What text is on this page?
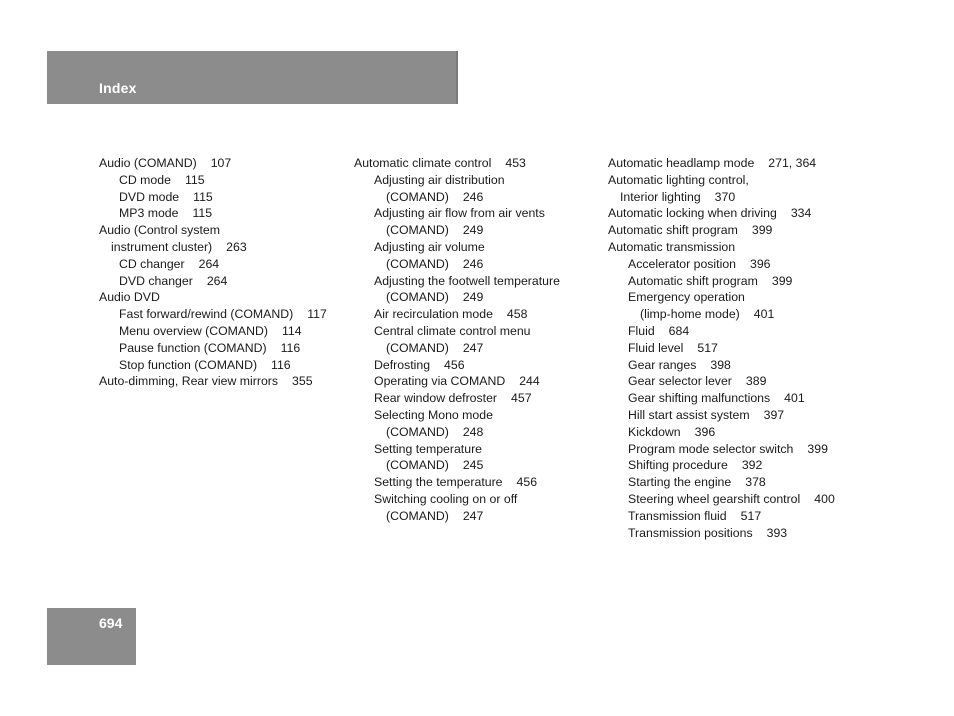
Index
Audio (COMAND) 107
CD mode 115
DVD mode 115
MP3 mode 115
Audio (Control system
instrument cluster) 263
CD changer 264
DVD changer 264
Audio DVD
Fast forward/rewind (COMAND) 117
Menu overview (COMAND) 114
Pause function (COMAND) 116
Stop function (COMAND) 116
Auto-dimming, Rear view mirrors 355
Automatic climate control 453
Adjusting air distribution
(COMAND) 246
Adjusting air flow from air vents
(COMAND) 249
Adjusting air volume
(COMAND) 246
Adjusting the footwell temperature
(COMAND) 249
Air recirculation mode 458
Central climate control menu
(COMAND) 247
Defrosting 456
Operating via COMAND 244
Rear window defroster 457
Selecting Mono mode
(COMAND) 248
Setting temperature
(COMAND) 245
Setting the temperature 456
Switching cooling on or off
(COMAND) 247
Automatic headlamp mode 271, 364
Automatic lighting control,
Interior lighting 370
Automatic locking when driving 334
Automatic shift program 399
Automatic transmission
Accelerator position 396
Automatic shift program 399
Emergency operation
(limp-home mode) 401
Fluid 684
Fluid level 517
Gear ranges 398
Gear selector lever 389
Gear shifting malfunctions 401
Hill start assist system 397
Kickdown 396
Program mode selector switch 399
Shifting procedure 392
Starting the engine 378
Steering wheel gearshift control 400
Transmission fluid 517
Transmission positions 393
694
